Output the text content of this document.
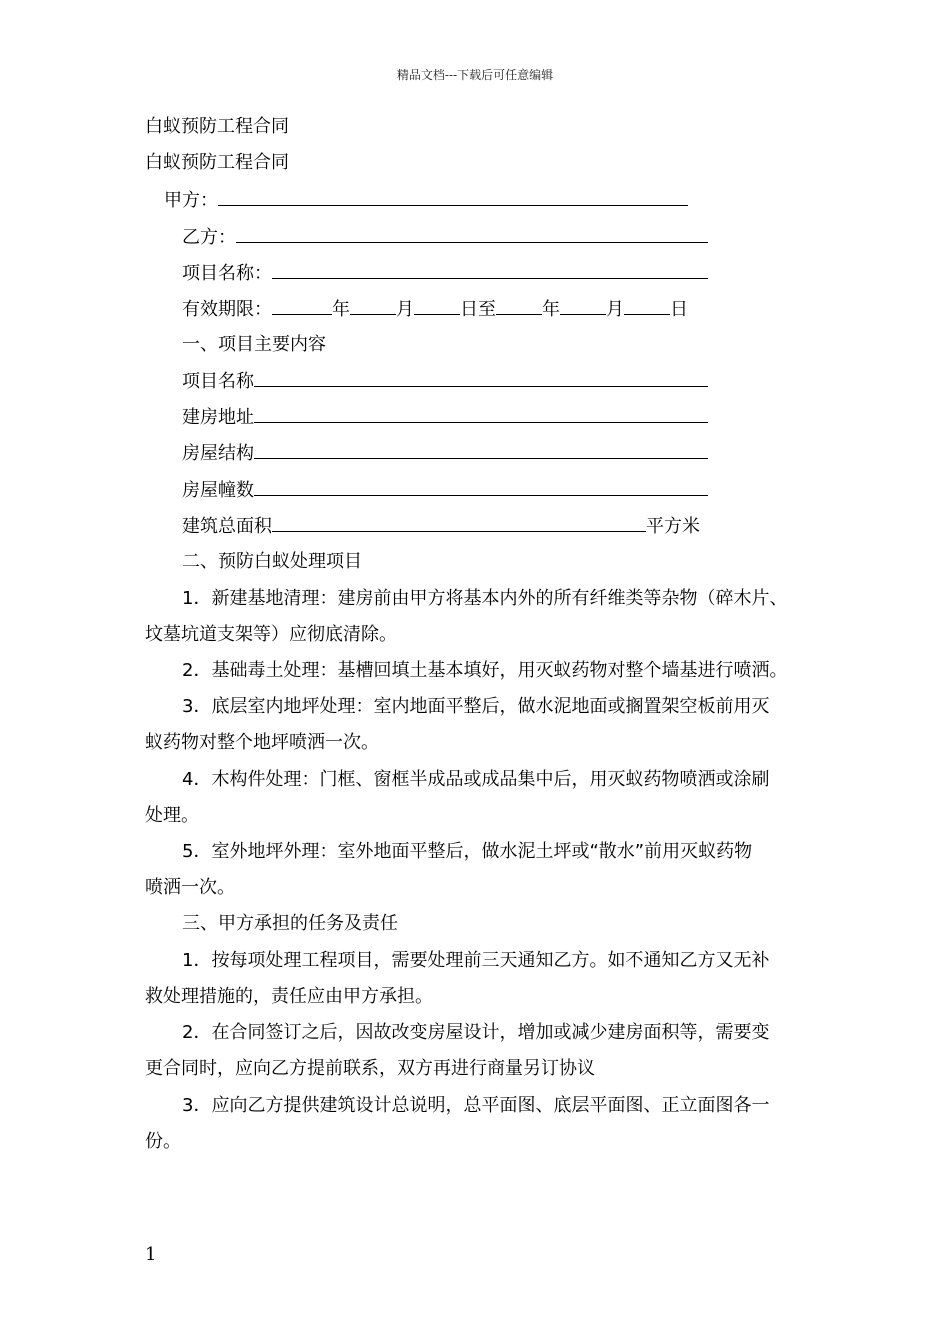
精品文档---下载后可任意编辑
白蚁预防工程合同
白蚁预防工程合同
甲方：
乙方：
项目名称：
有效期限：	年	月	日至	年	月	日
一、项目主要内容
项目名称
建房地址
房屋结构
房屋幢数
建筑总面积	平方米
二、预防白蚁处理项目
1．新建基地清理：建房前由甲方将基本内外的所有纤维类等杂物（碎木片、
坟墓坑道支架等）应彻底清除。
2．基础毒土处理：基槽回填土基本填好，用灭蚁药物对整个墙基进行喷洒。
3．底层室内地坪处理：室内地面平整后，做水泥地面或搁置架空板前用灭
蚁药物对整个地坪喷洒一次。
4．木构件处理：门框、窗框半成品或成品集中后，用灭蚁药物喷洒或涂刷
处理。
5．室外地坪外理：室外地面平整后，做水泥土坪或“散水”前用灭蚁药物
喷洒一次。
三、甲方承担的任务及责任
1．按每项处理工程项目，需要处理前三天通知乙方。如不通知乙方又无补
救处理措施的，责任应由甲方承担。
2．在合同签订之后，因故改变房屋设计，增加或减少建房面积等，需要变
更合同时，应向乙方提前联系，双方再进行商量另订协议
3．应向乙方提供建筑设计总说明，总平面图、底层平面图、正立面图各一
份。
1
